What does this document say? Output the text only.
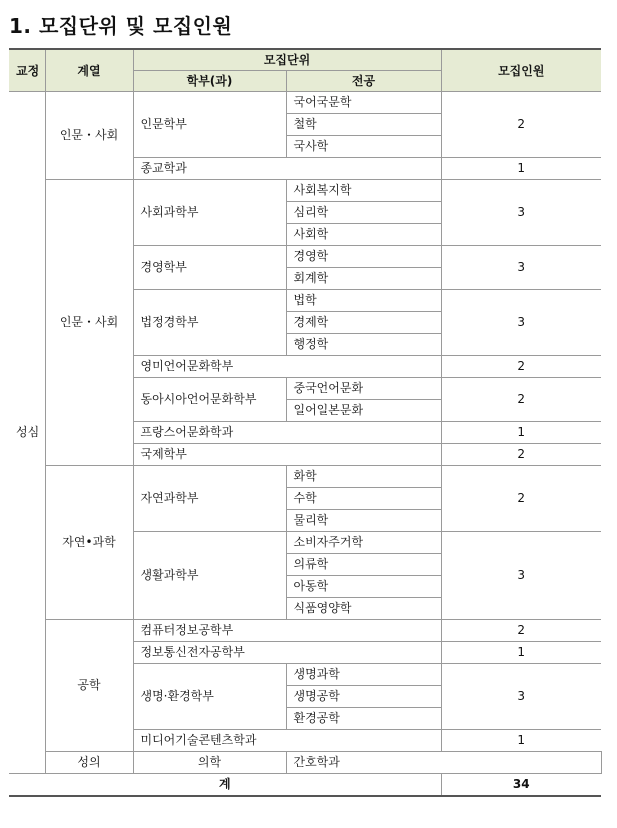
1. 모집단위 및 모집인원
교정	계열	모집단위		모집인원	
		학부(과)	전공		
성심	인문・사회	인문학부	국어국문학	2	
			철학		
			국사학		
		종교학과		1	
	인문・사회	사회과학부	사회복지학	3	
			심리학		
			사회학		
		경영학부	경영학	3	
			회계학		
		법정경학부	법학	3	
			경제학		
			행정학		
		영미언어문화학부		2	
		동아시아언어문화학부	중국언어문화	2	
			일어일본문화		
		프랑스어문화학과		1	
		국제학부		2	
	자연•과학	자연과학부	화학	2	
			수학		
			물리학		
		생활과학부	소비자주거학	3	
			의류학		
			아동학		
			식품영양학		
	공학	컴퓨터정보공학부		2	
		정보통신전자공학부		1	
		생명·환경학부	생명과학	3	
			생명공학		
			환경공학		
		미디어기술콘텐츠학과		1	
	성의	의학	간호학과	
계				34	
